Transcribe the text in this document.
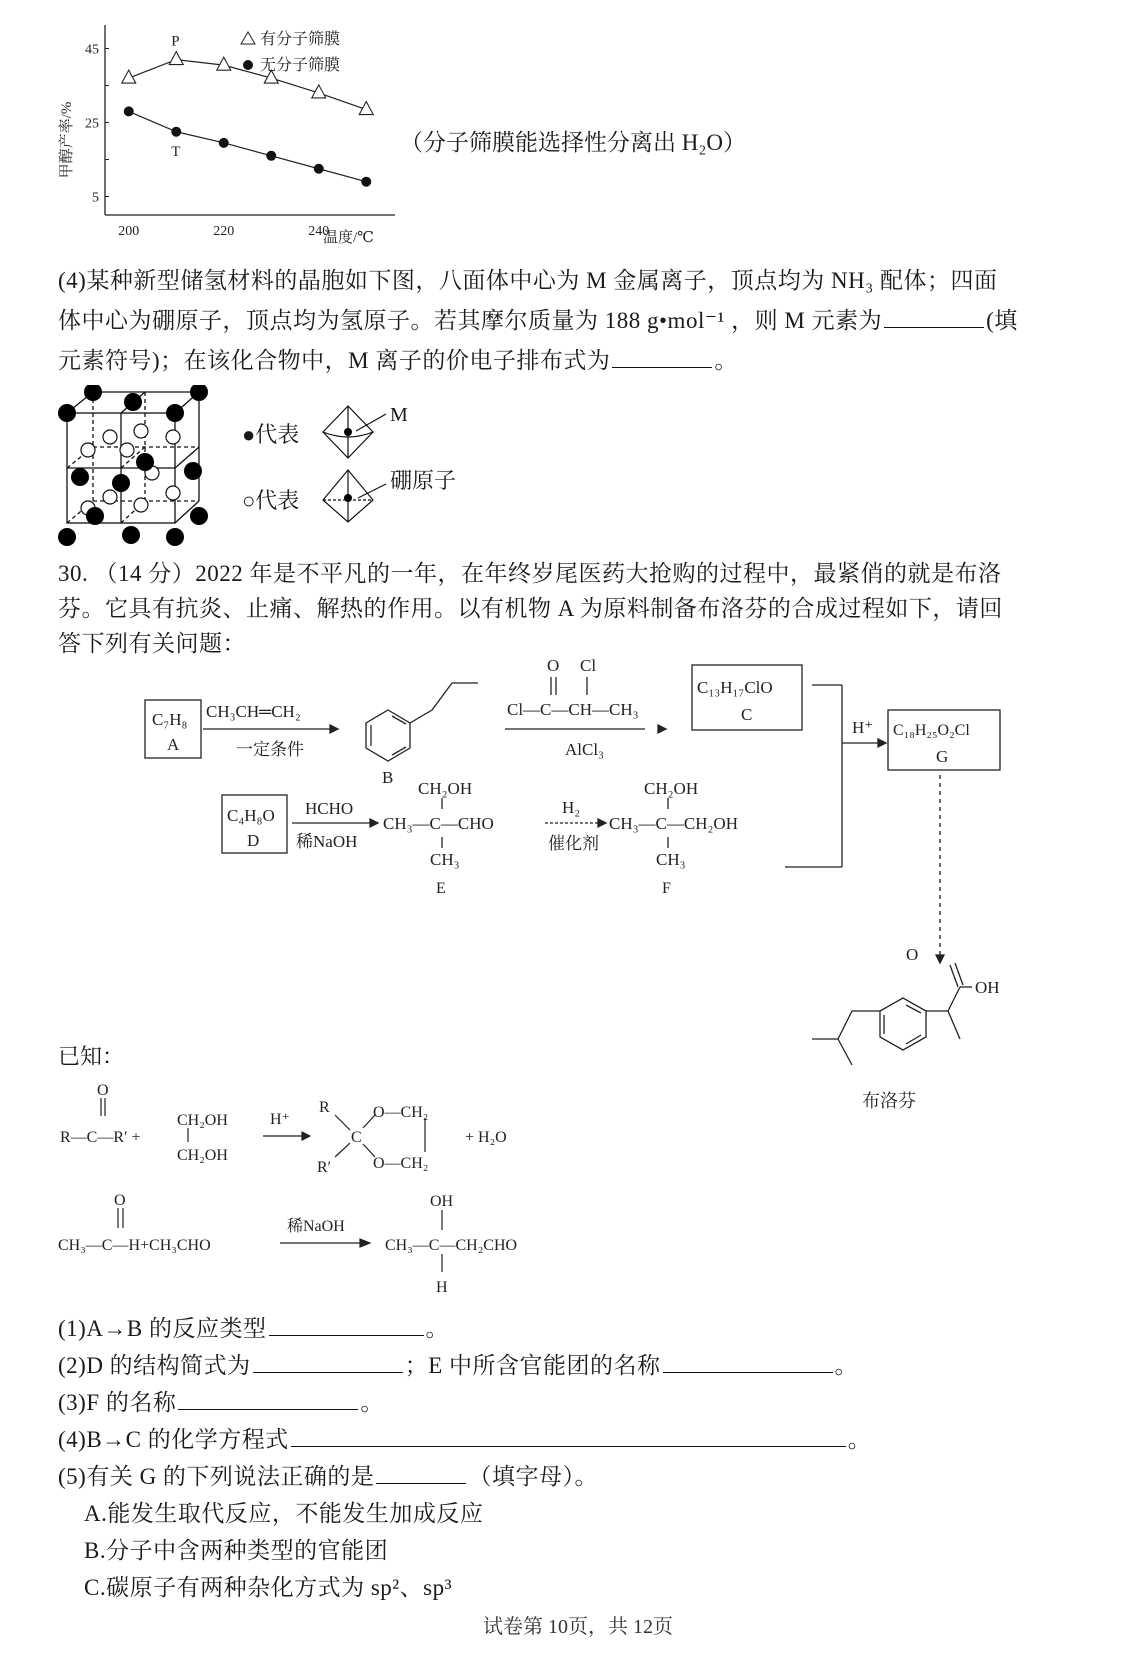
5
25
45
200	220	240
P
T
甲醇产率/%
温度/℃
有分子筛膜
无分子筛膜
（分子筛膜能选择性分离出 H₂O）
(4)某种新型储氢材料的晶胞如下图，八面体中心为 M 金属离子，顶点均为 NH₃ 配体；四面
体中心为硼原子，顶点均为氢原子。若其摩尔质量为 188 g•mol⁻¹ ，则 M 元素为	(填
元素符号)；在该化合物中，M 离子的价电子排布式为	。
●代表
○代表
M
硼原子
30. （14 分）2022 年是不平凡的一年，在年终岁尾医药大抢购的过程中，最紧俏的就是布洛
芬。它具有抗炎、止痛、解热的作用。以有机物 A 为原料制备布洛芬的合成过程如下，请回
答下列有关问题：
C₇H₈
A
CH₃CH═CH₂
一定条件
B
O Cl
Cl—C—CH—CH₃
AlCl₃
C₁₃H₁₇ClO
C
H⁺ C₁₈H₂₅O₂Cl
G
C₄H₈O
D
HCHO
稀NaOH
CH₂OH
CH₃—C—CHO
CH₃
E
H₂
催化剂
CH₂OH
CH₃—C—CH₂OH
CH₃
F
O
OH
布洛芬
已知：
O
R—C—R′ +
CH₂OH
CH₂OH
H⁺
R
R′
C
O—CH₂
O—CH₂
+ H₂O
O
CH₃—C—H+CH₃CHO
稀NaOH
OH
CH₃—C—CH₂CHO
H
(1)A→B 的反应类型	。
(2)D 的结构简式为	；E 中所含官能团的名称	。
(3)F 的名称	。
(4)B→C 的化学方程式	。
(5)有关 G 的下列说法正确的是	（填字母）。
A.能发生取代反应，不能发生加成反应
B.分子中含两种类型的官能团
C.碳原子有两种杂化方式为 sp²、sp³
试卷第 10页，共 12页
